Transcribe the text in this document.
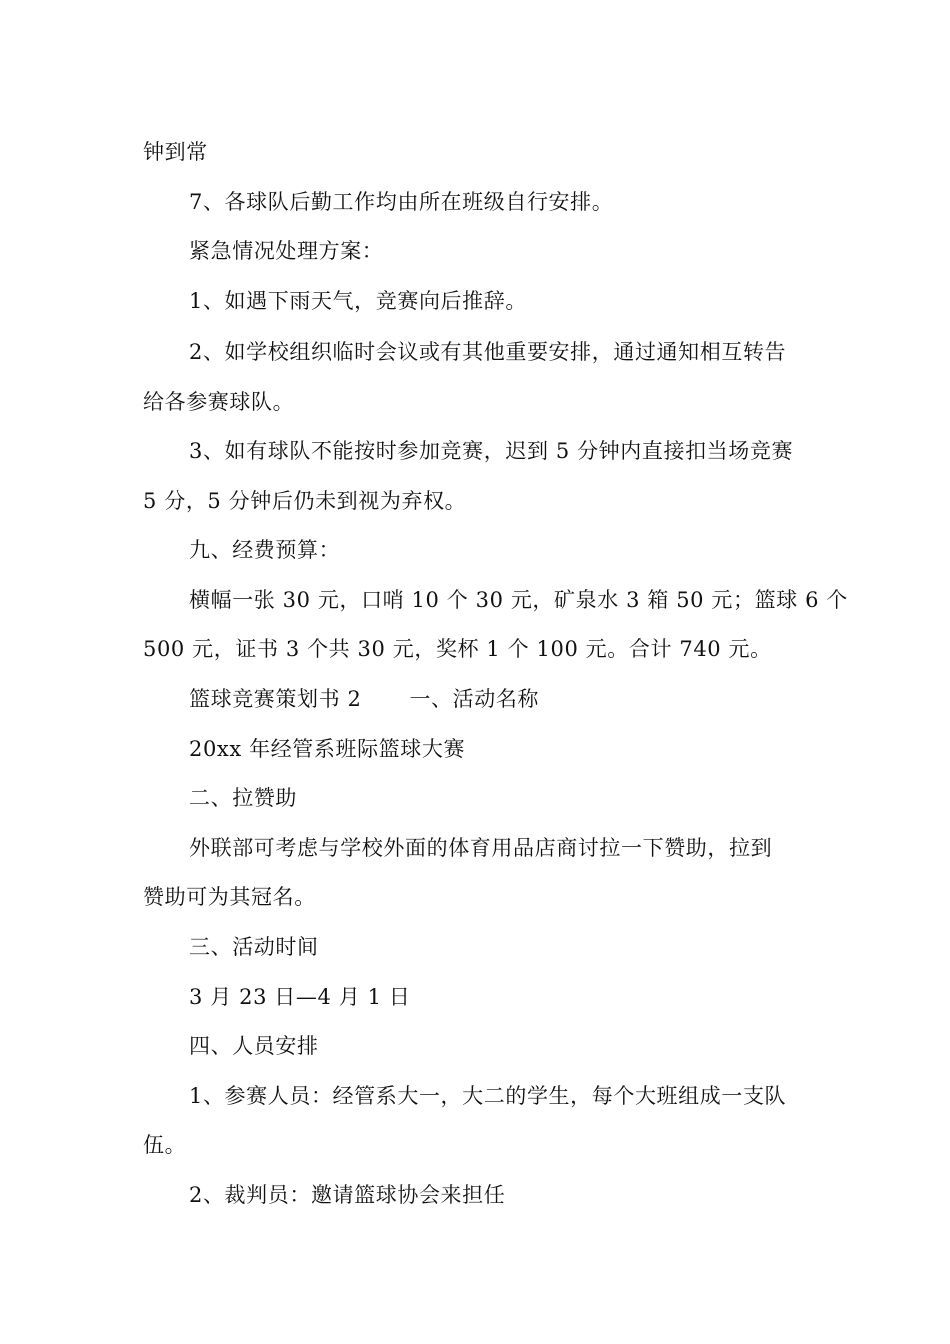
钟到常
7、各球队后勤工作均由所在班级自行安排。
紧急情况处理方案：
1、如遇下雨天气，竞赛向后推辞。
2、如学校组织临时会议或有其他重要安排，通过通知相互转告
给各参赛球队。
3、如有球队不能按时参加竞赛，迟到 5 分钟内直接扣当场竞赛
5 分，5 分钟后仍未到视为弃权。
九、经费预算：
横幅一张 30 元，口哨 10 个 30 元，矿泉水 3 箱 50 元；篮球 6 个
500 元，证书 3 个共 30 元，奖杯 1 个 100 元。合计 740 元。
篮球竞赛策划书 2 一、活动名称
20xx 年经管系班际篮球大赛
二、拉赞助
外联部可考虑与学校外面的体育用品店商讨拉一下赞助，拉到
赞助可为其冠名。
三、活动时间
3 月 23 日—4 月 1 日
四、人员安排
1、参赛人员：经管系大一，大二的学生，每个大班组成一支队
伍。
2、裁判员：邀请篮球协会来担任
